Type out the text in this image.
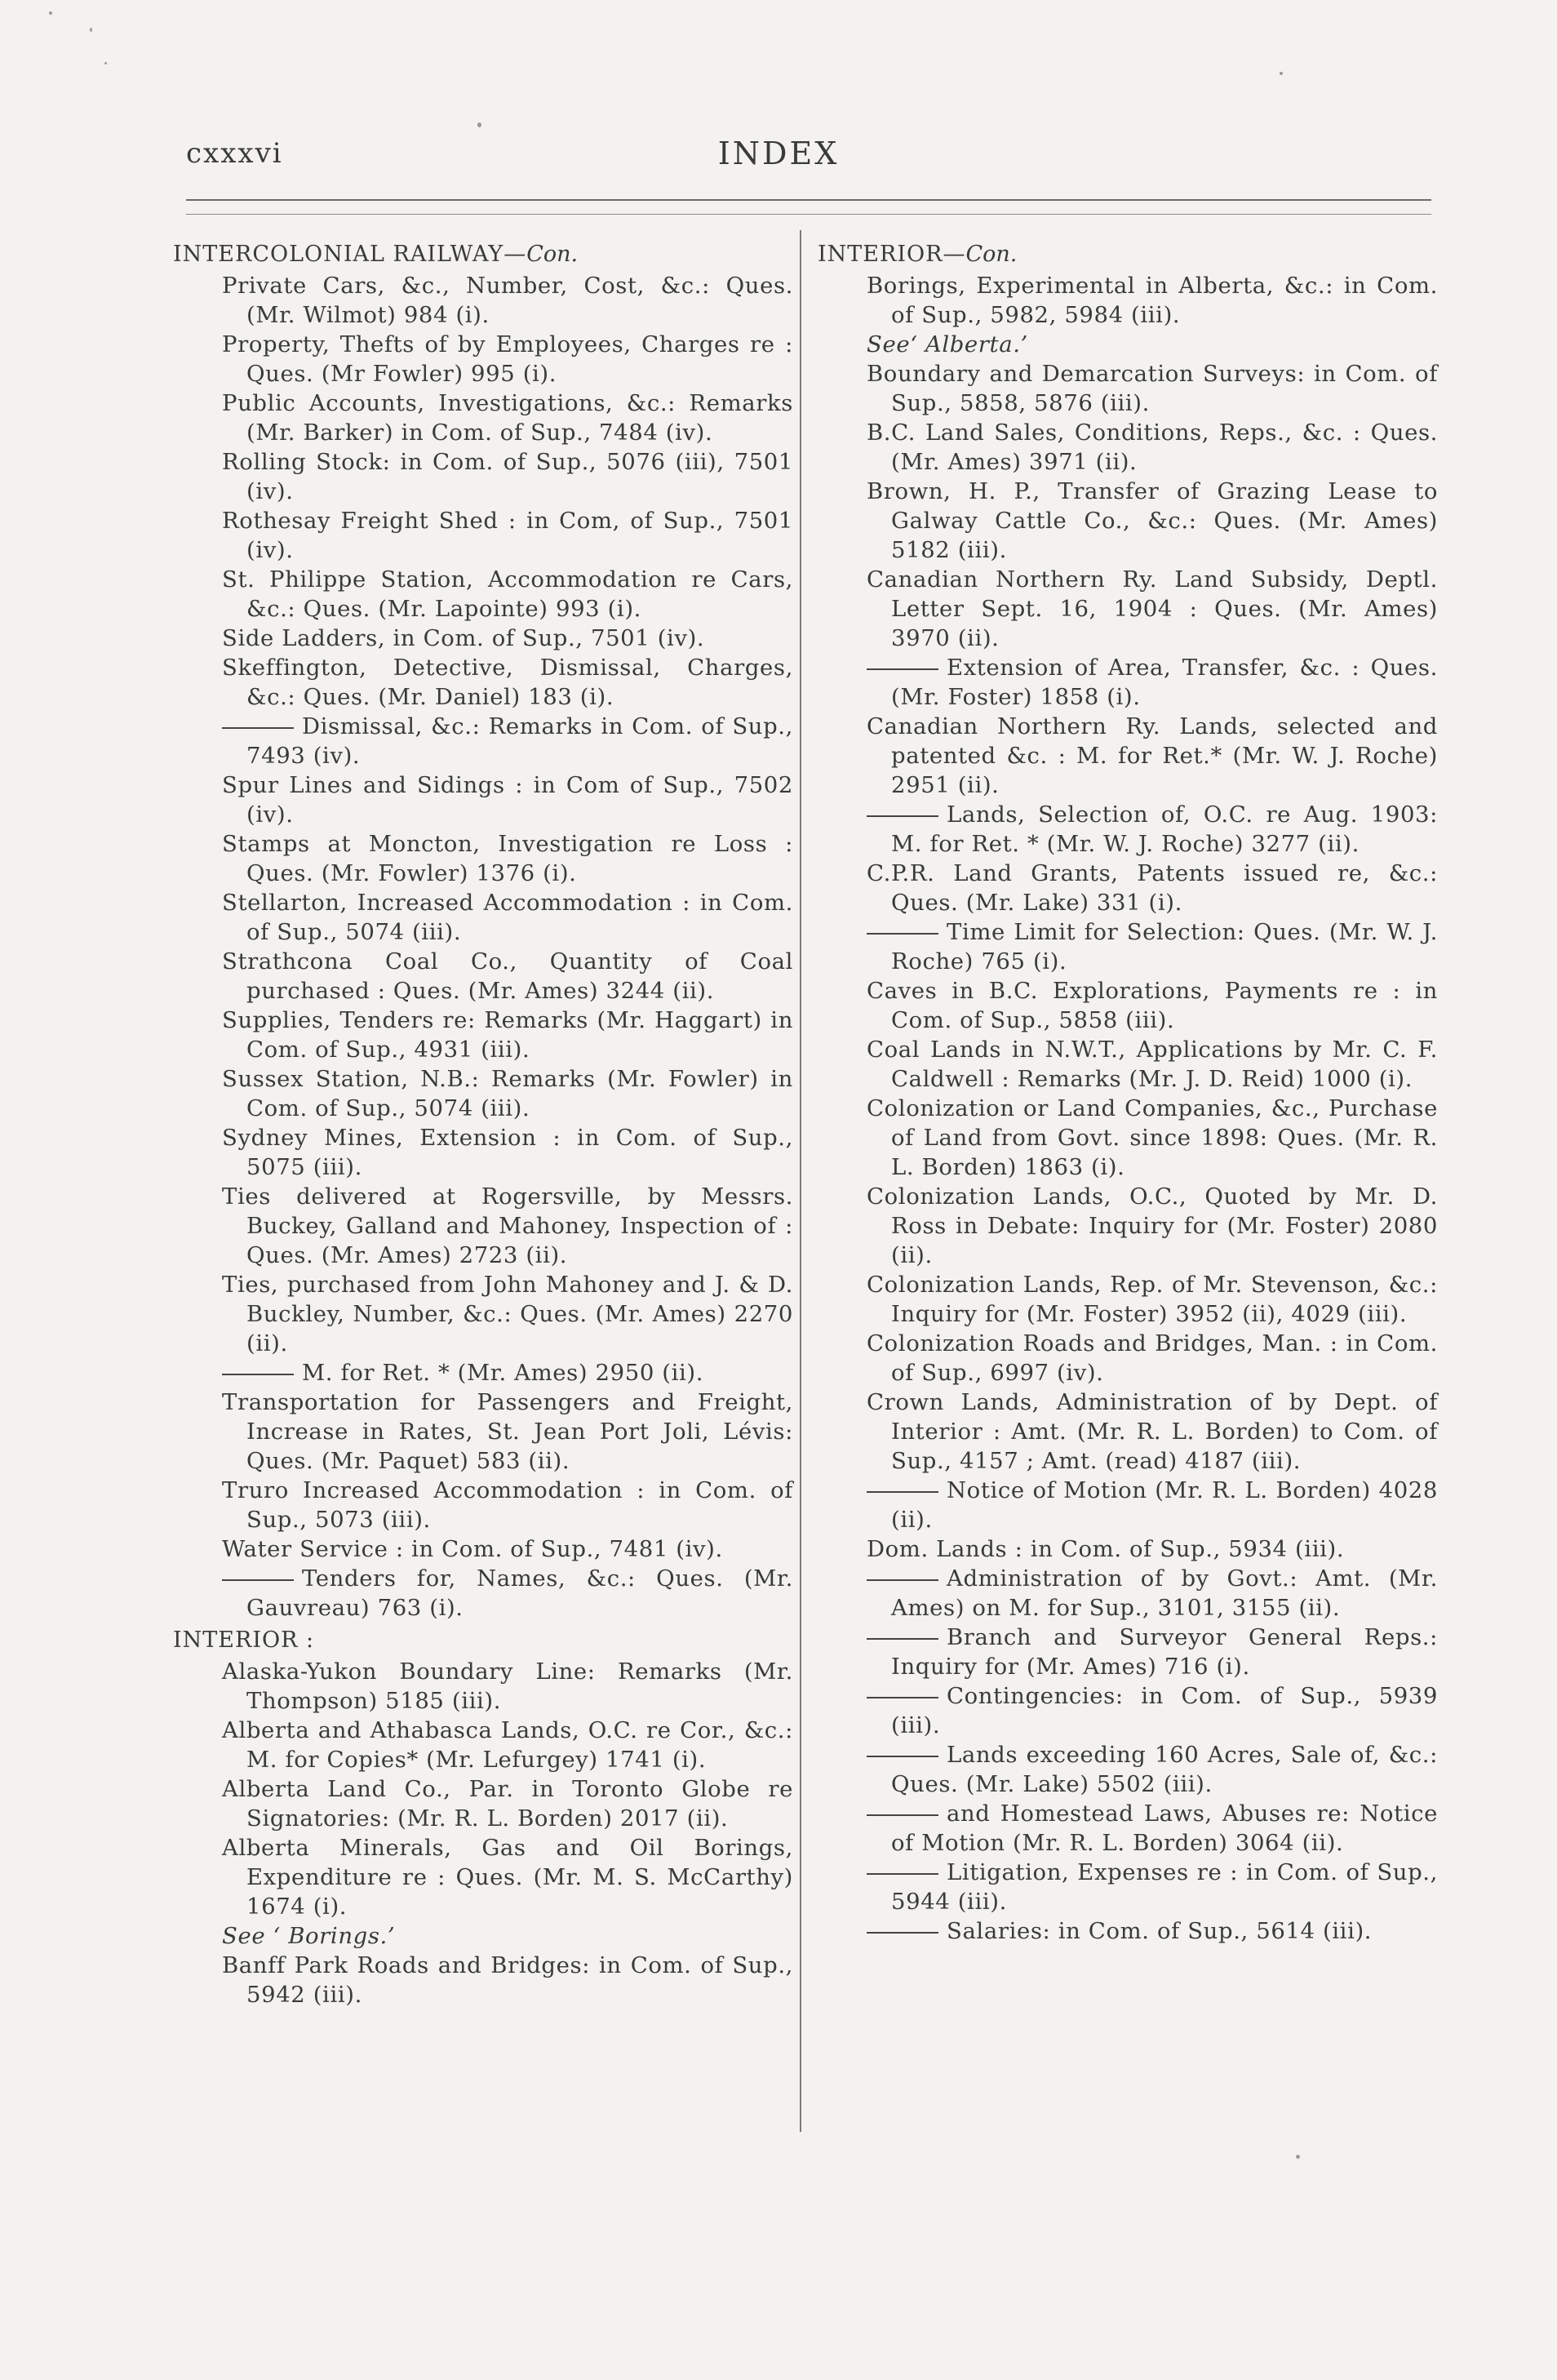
cxxxvi	INDEX
INTERCOLONIAL RAILWAY—Con.
Private Cars, &c., Number, Cost, &c.: Ques. (Mr. Wilmot) 984 (i).
Property, Thefts of by Employees, Charges re : Ques. (Mr Fowler) 995 (i).
Public Accounts, Investigations, &c.: Remarks (Mr. Barker) in Com. of Sup., 7484 (iv).
Rolling Stock: in Com. of Sup., 5076 (iii), 7501 (iv).
Rothesay Freight Shed : in Com, of Sup., 7501 (iv).
St. Philippe Station, Accommodation re Cars, &c.: Ques. (Mr. Lapointe) 993 (i).
Side Ladders, in Com. of Sup., 7501 (iv).
Skeffington, Detective, Dismissal, Charges, &c.: Ques. (Mr. Daniel) 183 (i).
Dismissal, &c.: Remarks in Com. of Sup., 7493 (iv).
Spur Lines and Sidings : in Com of Sup., 7502 (iv).
Stamps at Moncton, Investigation re Loss : Ques. (Mr. Fowler) 1376 (i).
Stellarton, Increased Accommodation : in Com. of Sup., 5074 (iii).
Strathcona Coal Co., Quantity of Coal purchased : Ques. (Mr. Ames) 3244 (ii).
Supplies, Tenders re: Remarks (Mr. Haggart) in Com. of Sup., 4931 (iii).
Sussex Station, N.B.: Remarks (Mr. Fowler) in Com. of Sup., 5074 (iii).
Sydney Mines, Extension : in Com. of Sup., 5075 (iii).
Ties delivered at Rogersville, by Messrs. Buckey, Galland and Mahoney, Inspection of : Ques. (Mr. Ames) 2723 (ii).
Ties, purchased from John Mahoney and J. & D. Buckley, Number, &c.: Ques. (Mr. Ames) 2270 (ii).
M. for Ret. * (Mr. Ames) 2950 (ii).
Transportation for Passengers and Freight, Increase in Rates, St. Jean Port Joli, Lévis: Ques. (Mr. Paquet) 583 (ii).
Truro Increased Accommodation : in Com. of Sup., 5073 (iii).
Water Service : in Com. of Sup., 7481 (iv).
Tenders for, Names, &c.: Ques. (Mr. Gauvreau) 763 (i).
INTERIOR :
Alaska-Yukon Boundary Line: Remarks (Mr. Thompson) 5185 (iii).
Alberta and Athabasca Lands, O.C. re Cor., &c.: M. for Copies* (Mr. Lefurgey) 1741 (i).
Alberta Land Co., Par. in Toronto Globe re Signatories: (Mr. R. L. Borden) 2017 (ii).
Alberta Minerals, Gas and Oil Borings, Expenditure re : Ques. (Mr. M. S. McCarthy) 1674 (i).
See ‘ Borings.’
Banff Park Roads and Bridges: in Com. of Sup., 5942 (iii).
INTERIOR—Con.
Borings, Experimental in Alberta, &c.: in Com. of Sup., 5982, 5984 (iii).
See‘ Alberta.’
Boundary and Demarcation Surveys: in Com. of Sup., 5858, 5876 (iii).
B.C. Land Sales, Conditions, Reps., &c. : Ques. (Mr. Ames) 3971 (ii).
Brown, H. P., Transfer of Grazing Lease to Galway Cattle Co., &c.: Ques. (Mr. Ames) 5182 (iii).
Canadian Northern Ry. Land Subsidy, Deptl. Letter Sept. 16, 1904 : Ques. (Mr. Ames) 3970 (ii).
Extension of Area, Transfer, &c. : Ques. (Mr. Foster) 1858 (i).
Canadian Northern Ry. Lands, selected and patented &c. : M. for Ret.* (Mr. W. J. Roche) 2951 (ii).
Lands, Selection of, O.C. re Aug. 1903: M. for Ret. * (Mr. W. J. Roche) 3277 (ii).
C.P.R. Land Grants, Patents issued re, &c.: Ques. (Mr. Lake) 331 (i).
Time Limit for Selection: Ques. (Mr. W. J. Roche) 765 (i).
Caves in B.C. Explorations, Payments re : in Com. of Sup., 5858 (iii).
Coal Lands in N.W.T., Applications by Mr. C. F. Caldwell : Remarks (Mr. J. D. Reid) 1000 (i).
Colonization or Land Companies, &c., Purchase of Land from Govt. since 1898: Ques. (Mr. R. L. Borden) 1863 (i).
Colonization Lands, O.C., Quoted by Mr. D. Ross in Debate: Inquiry for (Mr. Foster) 2080 (ii).
Colonization Lands, Rep. of Mr. Stevenson, &c.: Inquiry for (Mr. Foster) 3952 (ii), 4029 (iii).
Colonization Roads and Bridges, Man. : in Com. of Sup., 6997 (iv).
Crown Lands, Administration of by Dept. of Interior : Amt. (Mr. R. L. Borden) to Com. of Sup., 4157 ; Amt. (read) 4187 (iii).
Notice of Motion (Mr. R. L. Borden) 4028 (ii).
Dom. Lands : in Com. of Sup., 5934 (iii).
Administration of by Govt.: Amt. (Mr. Ames) on M. for Sup., 3101, 3155 (ii).
Branch and Surveyor General Reps.: Inquiry for (Mr. Ames) 716 (i).
Contingencies: in Com. of Sup., 5939 (iii).
Lands exceeding 160 Acres, Sale of, &c.: Ques. (Mr. Lake) 5502 (iii).
and Homestead Laws, Abuses re: Notice of Motion (Mr. R. L. Borden) 3064 (ii).
Litigation, Expenses re : in Com. of Sup., 5944 (iii).
Salaries: in Com. of Sup., 5614 (iii).
